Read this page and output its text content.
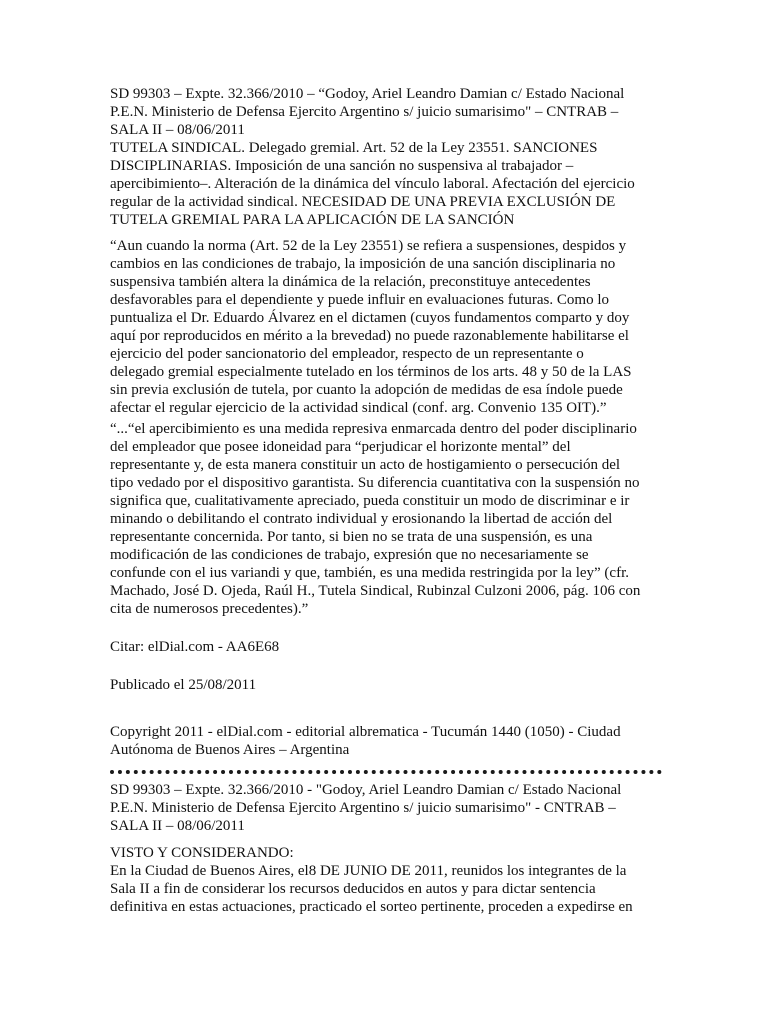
SD 99303 – Expte. 32.366/2010 – “Godoy, Ariel Leandro Damian c/ Estado Nacional
P.E.N. Ministerio de Defensa Ejercito Argentino s/ juicio sumarisimo" – CNTRAB –
SALA II – 08/06/2011
TUTELA SINDICAL. Delegado gremial. Art. 52 de la Ley 23551. SANCIONES
DISCIPLINARIAS. Imposición de una sanción no suspensiva al trabajador –
apercibimiento–. Alteración de la dinámica del vínculo laboral. Afectación del ejercicio
regular de la actividad sindical. NECESIDAD DE UNA PREVIA EXCLUSIÓN DE
TUTELA GREMIAL PARA LA APLICACIÓN DE LA SANCIÓN
“Aun cuando la norma (Art. 52 de la Ley 23551) se refiera a suspensiones, despidos y
cambios en las condiciones de trabajo, la imposición de una sanción disciplinaria no
suspensiva también altera la dinámica de la relación, preconstituye antecedentes
desfavorables para el dependiente y puede influir en evaluaciones futuras. Como lo
puntualiza el Dr. Eduardo Álvarez en el dictamen (cuyos fundamentos comparto y doy
aquí por reproducidos en mérito a la brevedad) no puede razonablemente habilitarse el
ejercicio del poder sancionatorio del empleador, respecto de un representante o
delegado gremial especialmente tutelado en los términos de los arts. 48 y 50 de la LAS
sin previa exclusión de tutela, por cuanto la adopción de medidas de esa índole puede
afectar el regular ejercicio de la actividad sindical (conf. arg. Convenio 135 OIT).”
“...“el apercibimiento es una medida represiva enmarcada dentro del poder disciplinario
del empleador que posee idoneidad para “perjudicar el horizonte mental” del
representante y, de esta manera constituir un acto de hostigamiento o persecución del
tipo vedado por el dispositivo garantista. Su diferencia cuantitativa con la suspensión no
significa que, cualitativamente apreciado, pueda constituir un modo de discriminar e ir
minando o debilitando el contrato individual y erosionando la libertad de acción del
representante concernida. Por tanto, si bien no se trata de una suspensión, es una
modificación de las condiciones de trabajo, expresión que no necesariamente se
confunde con el ius variandi y que, también, es una medida restringida por la ley” (cfr.
Machado, José D. Ojeda, Raúl H., Tutela Sindical, Rubinzal Culzoni 2006, pág. 106 con
cita de numerosos precedentes).”
Citar: elDial.com - AA6E68
Publicado el 25/08/2011
Copyright 2011 - elDial.com - editorial albrematica - Tucumán 1440 (1050) - Ciudad
Autónoma de Buenos Aires – Argentina
SD 99303 – Expte. 32.366/2010 - "Godoy, Ariel Leandro Damian c/ Estado Nacional
P.E.N. Ministerio de Defensa Ejercito Argentino s/ juicio sumarisimo" - CNTRAB –
SALA II – 08/06/2011
VISTO Y CONSIDERANDO:
En la Ciudad de Buenos Aires, el8 DE JUNIO DE 2011, reunidos los integrantes de la
Sala II a fin de considerar los recursos deducidos en autos y para dictar sentencia
definitiva en estas actuaciones, practicado el sorteo pertinente, proceden a expedirse en
